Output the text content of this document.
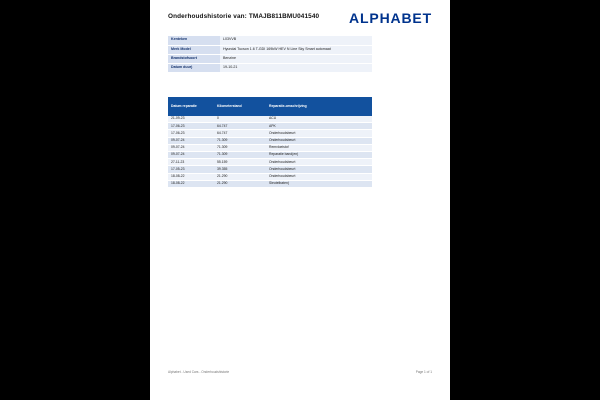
Onderhoudshistorie van: TMAJB811BMU041540 ALPHABET
Kenteken	L03VVB
Merk Model	Hyundai Tucson 1.6 T-GDI 169kW HEV N Line Sky Smart automaat
Brandstofsoort	Benzine
Datum duur)	19-10-21
Datum reparatie	Kilometerstand	Reparatie-omschrijving
21-09-23	0	ACU
17-06-23	64.747	APK
17-06-23	64.747	Onderhoudsbeurt
09-07-24	71.309	Onderhoudsbeurt
09-07-24	71.309	Remvloeistof
09-07-24	71.309	Reparatie band(en)
27-11-23	55.159	Onderhoudsbeurt
17-05-23	39.355	Onderhoudsbeurt
18-08-22	21.290	Onderhoudsbeurt
18-08-22	21.290	Sleutelbaten)
Alphabet - Used Cars - Onderhoudshistorie	Page 1 of 1
